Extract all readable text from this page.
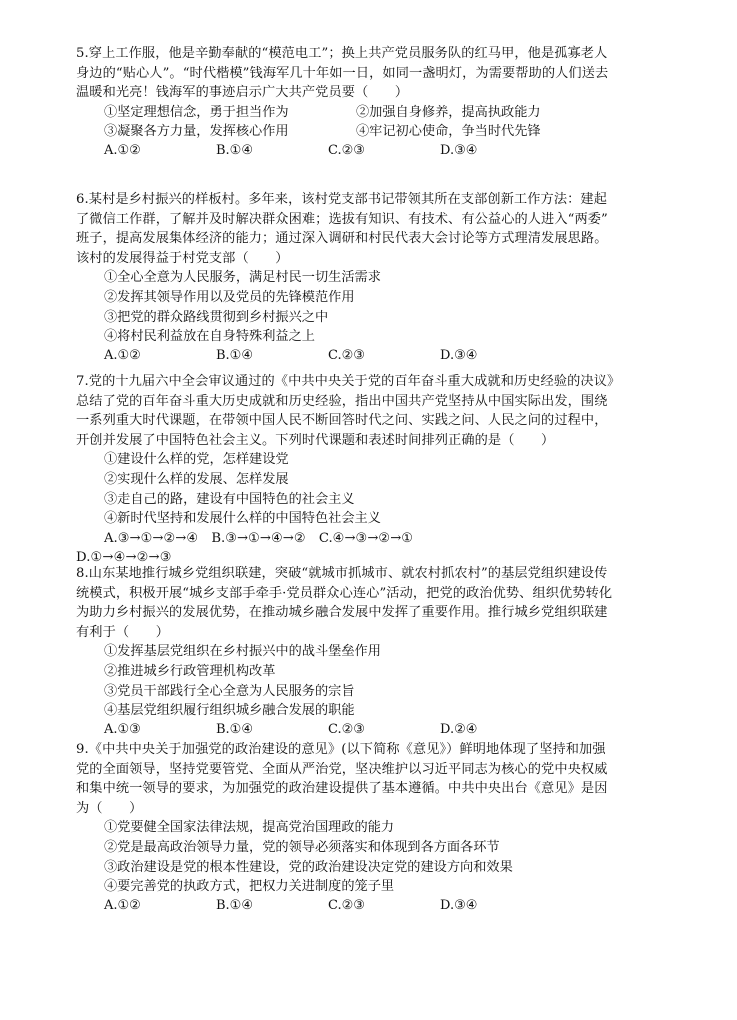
5.穿上工作服，他是辛勤奉献的“模范电工”；换上共产党员服务队的红马甲，他是孤寡老人
身边的“贴心人”。“时代楷模”钱海军几十年如一日，如同一盏明灯，为需要帮助的人们送去
温暖和光亮！钱海军的事迹启示广大共产党员要（　　）
①坚定理想信念，勇于担当作为	②加强自身修养，提高执政能力
③凝聚各方力量，发挥核心作用	④牢记初心使命，争当时代先锋
A.①②	B.①④	C.②③	D.③④
6.某村是乡村振兴的样板村。多年来，该村党支部书记带领其所在支部创新工作方法：建起
了微信工作群，了解并及时解决群众困难；选拔有知识、有技术、有公益心的人进入“两委”
班子，提高发展集体经济的能力；通过深入调研和村民代表大会讨论等方式理清发展思路。
该村的发展得益于村党支部（　　）
①全心全意为人民服务，满足村民一切生活需求
②发挥其领导作用以及党员的先锋模范作用
③把党的群众路线贯彻到乡村振兴之中
④将村民利益放在自身特殊利益之上
A.①②	B.①④	C.②③	D.③④
7.党的十九届六中全会审议通过的《中共中央关于党的百年奋斗重大成就和历史经验的决议》
总结了党的百年奋斗重大历史成就和历史经验，指出中国共产党坚持从中国实际出发，围绕
一系列重大时代课题，在带领中国人民不断回答时代之问、实践之问、人民之问的过程中，
开创并发展了中国特色社会主义。下列时代课题和表述时间排列正确的是（　　）
①建设什么样的党，怎样建设党
②实现什么样的发展、怎样发展
③走自己的路，建设有中国特色的社会主义
④新时代坚持和发展什么样的中国特色社会主义
A.③→①→②→④　B.③→①→④→②　C.④→③→②→①
D.①→④→②→③
8.山东某地推行城乡党组织联建，突破“就城市抓城市、就农村抓农村”的基层党组织建设传
统模式，积极开展“城乡支部手牵手·党员群众心连心”活动，把党的政治优势、组织优势转化
为助力乡村振兴的发展优势，在推动城乡融合发展中发挥了重要作用。推行城乡党组织联建
有利于（　　）
①发挥基层党组织在乡村振兴中的战斗堡垒作用
②推进城乡行政管理机构改革
③党员干部践行全心全意为人民服务的宗旨
④基层党组织履行组织城乡融合发展的职能
A.①③	B.①④	C.②③	D.②④
9.《中共中央关于加强党的政治建设的意见》(以下简称《意见》）鲜明地体现了坚持和加强
党的全面领导，坚持党要管党、全面从严治党，坚决维护以习近平同志为核心的党中央权威
和集中统一领导的要求，为加强党的政治建设提供了基本遵循。中共中央出台《意见》是因
为（　　）
①党要健全国家法律法规，提高党治国理政的能力
②党是最高政治领导力量，党的领导必须落实和体现到各方面各环节
③政治建设是党的根本性建设，党的政治建设决定党的建设方向和效果
④要完善党的执政方式，把权力关进制度的笼子里
A.①②	B.①④	C.②③	D.③④
